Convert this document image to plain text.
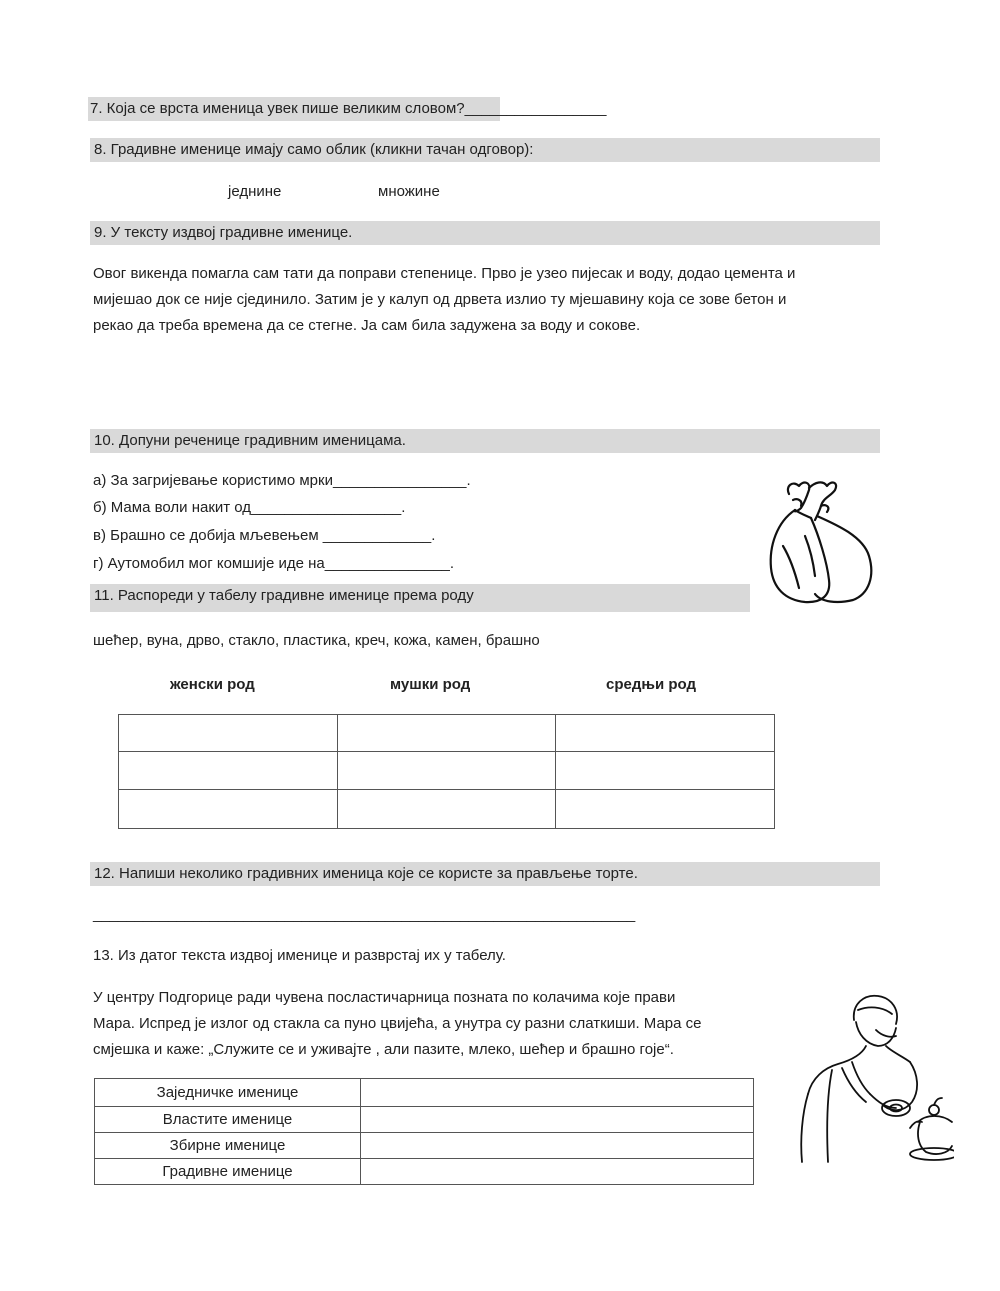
7. Која се врста именица увек пише великим словом?_________________
8. Градивне именице имају само облик (кликни тачан одговор):
једнине	множине
9. У тексту издвој градивне именице.
Овог викенда помагла сам тати да поправи степенице. Прво је узео пијесак и воду, додао цемента и
мијешао док се није сјединило. Затим је у калуп од дрвета излио ту мјешавину која се зове бетон и
рекао да треба времена да се стегне. Ја сам била задужена за воду и сокове.
10. Допуни реченице градивним именицама.
а) За загријевање користимо мрки________________.
б) Мама воли накит од__________________.
в) Брашно се добија мљевењем _____________.
г) Аутомобил мог комшије иде на_______________.
11. Распореди у табелу градивне именице према роду
шећер, вуна, дрво, стакло, пластика, креч, кожа, камен, брашно
женски род	мушки род	средњи род

12. Напиши неколико градивних именица које се користе за прављење торте.
_________________________________________________________________
13. Из датог текста издвој именице и разврстај их у табелу.
У центру Подгорице ради чувена посластичарница позната по колачима које прави
Мара. Испред је излог од стакла са пуно цвијећа, а унутра су разни слаткиши. Мара се
смјешка и каже: „Служите се и уживајте , али пазите, млеко, шећер и брашно гоје“.
Заједничке именице	
Властите именице	
Збирне именице	
Градивне именице	
